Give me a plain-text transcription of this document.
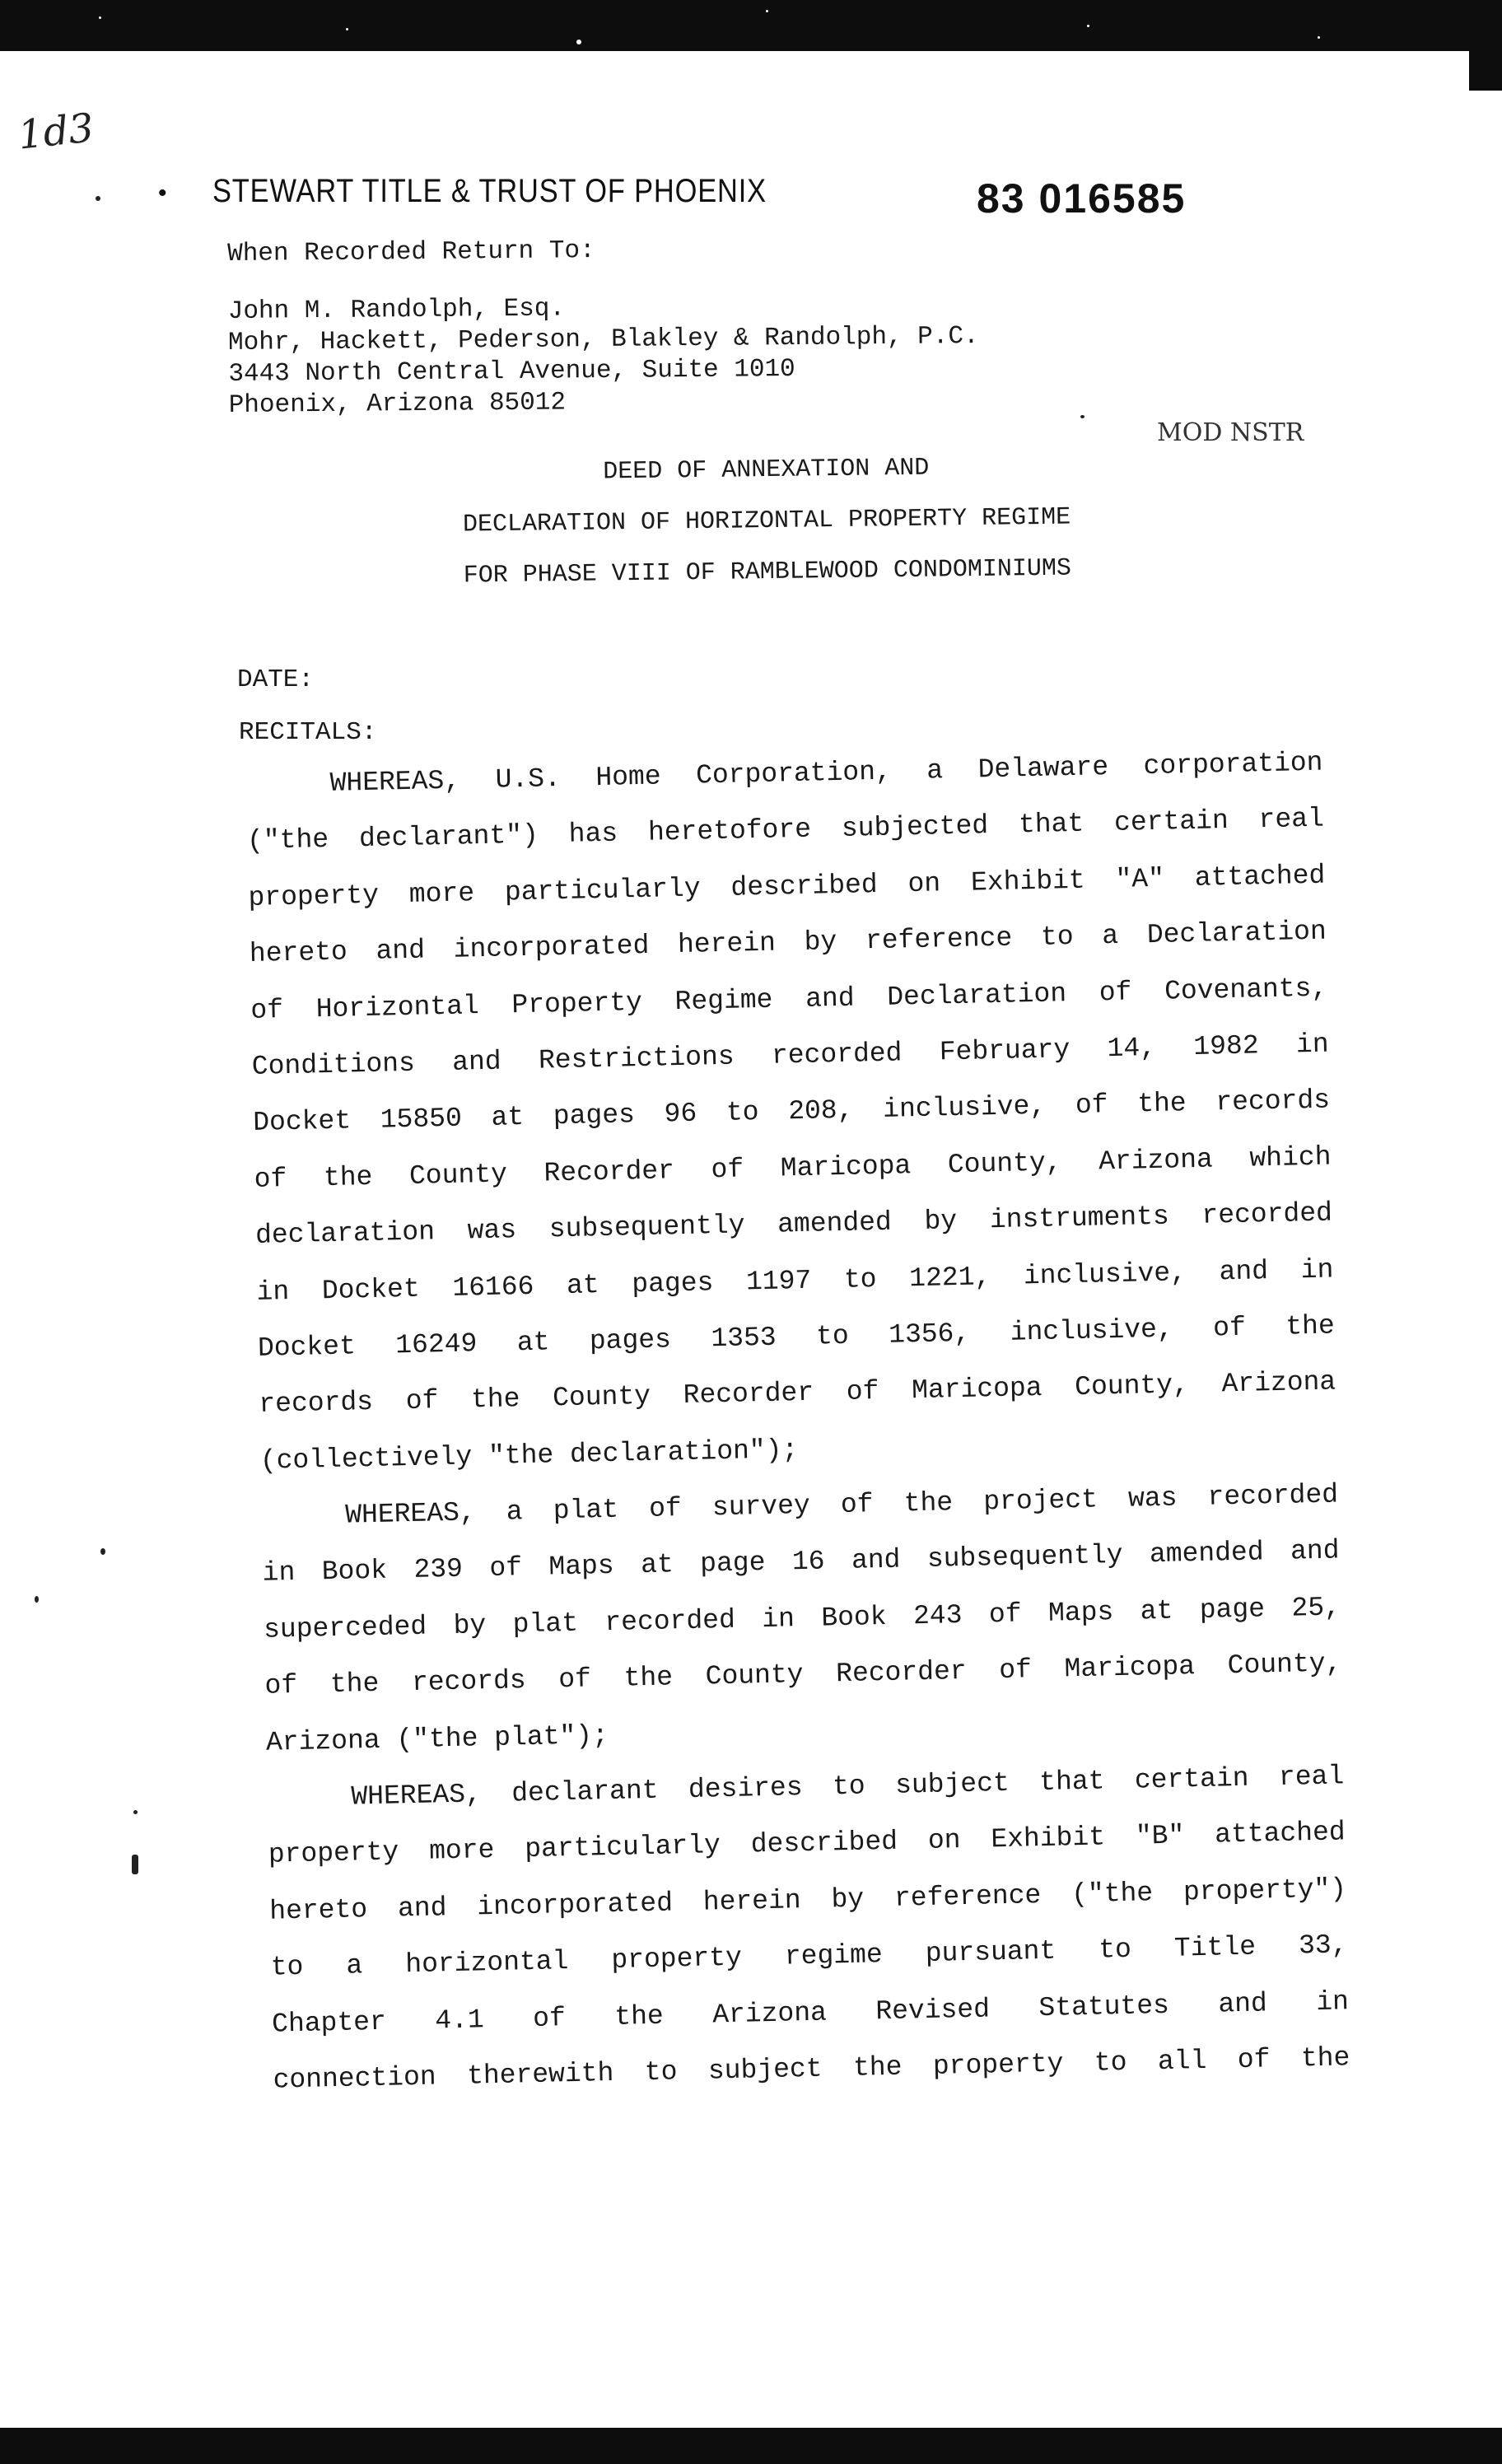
1d3
• STEWART TITLE & TRUST OF PHOENIX	83 016585
MOD NSTR
When Recorded Return To:
John M. Randolph, Esq.
Mohr, Hackett, Pederson, Blakley & Randolph, P.C.
3443 North Central Avenue, Suite 1010
Phoenix, Arizona 85012
DEED OF ANNEXATION AND
DECLARATION OF HORIZONTAL PROPERTY REGIME
FOR PHASE VIII OF RAMBLEWOOD CONDOMINIUMS
DATE:
RECITALS:
WHEREAS, U.S. Home Corporation, a Delaware corporation
("the declarant") has heretofore subjected that certain real
property more particularly described on Exhibit "A" attached
hereto and incorporated herein by reference to a Declaration
of Horizontal Property Regime and Declaration of Covenants,
Conditions and Restrictions recorded February 14, 1982 in
Docket 15850 at pages 96 to 208, inclusive, of the records
of the County Recorder of Maricopa County, Arizona which
declaration was subsequently amended by instruments recorded
in Docket 16166 at pages 1197 to 1221, inclusive, and in
Docket 16249 at pages 1353 to 1356, inclusive, of the
records of the County Recorder of Maricopa County, Arizona
(collectively "the declaration");
WHEREAS, a plat of survey of the project was recorded
in Book 239 of Maps at page 16 and subsequently amended and
superceded by plat recorded in Book 243 of Maps at page 25,
of the records of the County Recorder of Maricopa County,
Arizona ("the plat");
WHEREAS, declarant desires to subject that certain real
property more particularly described on Exhibit "B" attached
hereto and incorporated herein by reference ("the property")
to a horizontal property regime pursuant to Title 33,
Chapter 4.1 of the Arizona Revised Statutes and in
connection therewith to subject the property to all of the
